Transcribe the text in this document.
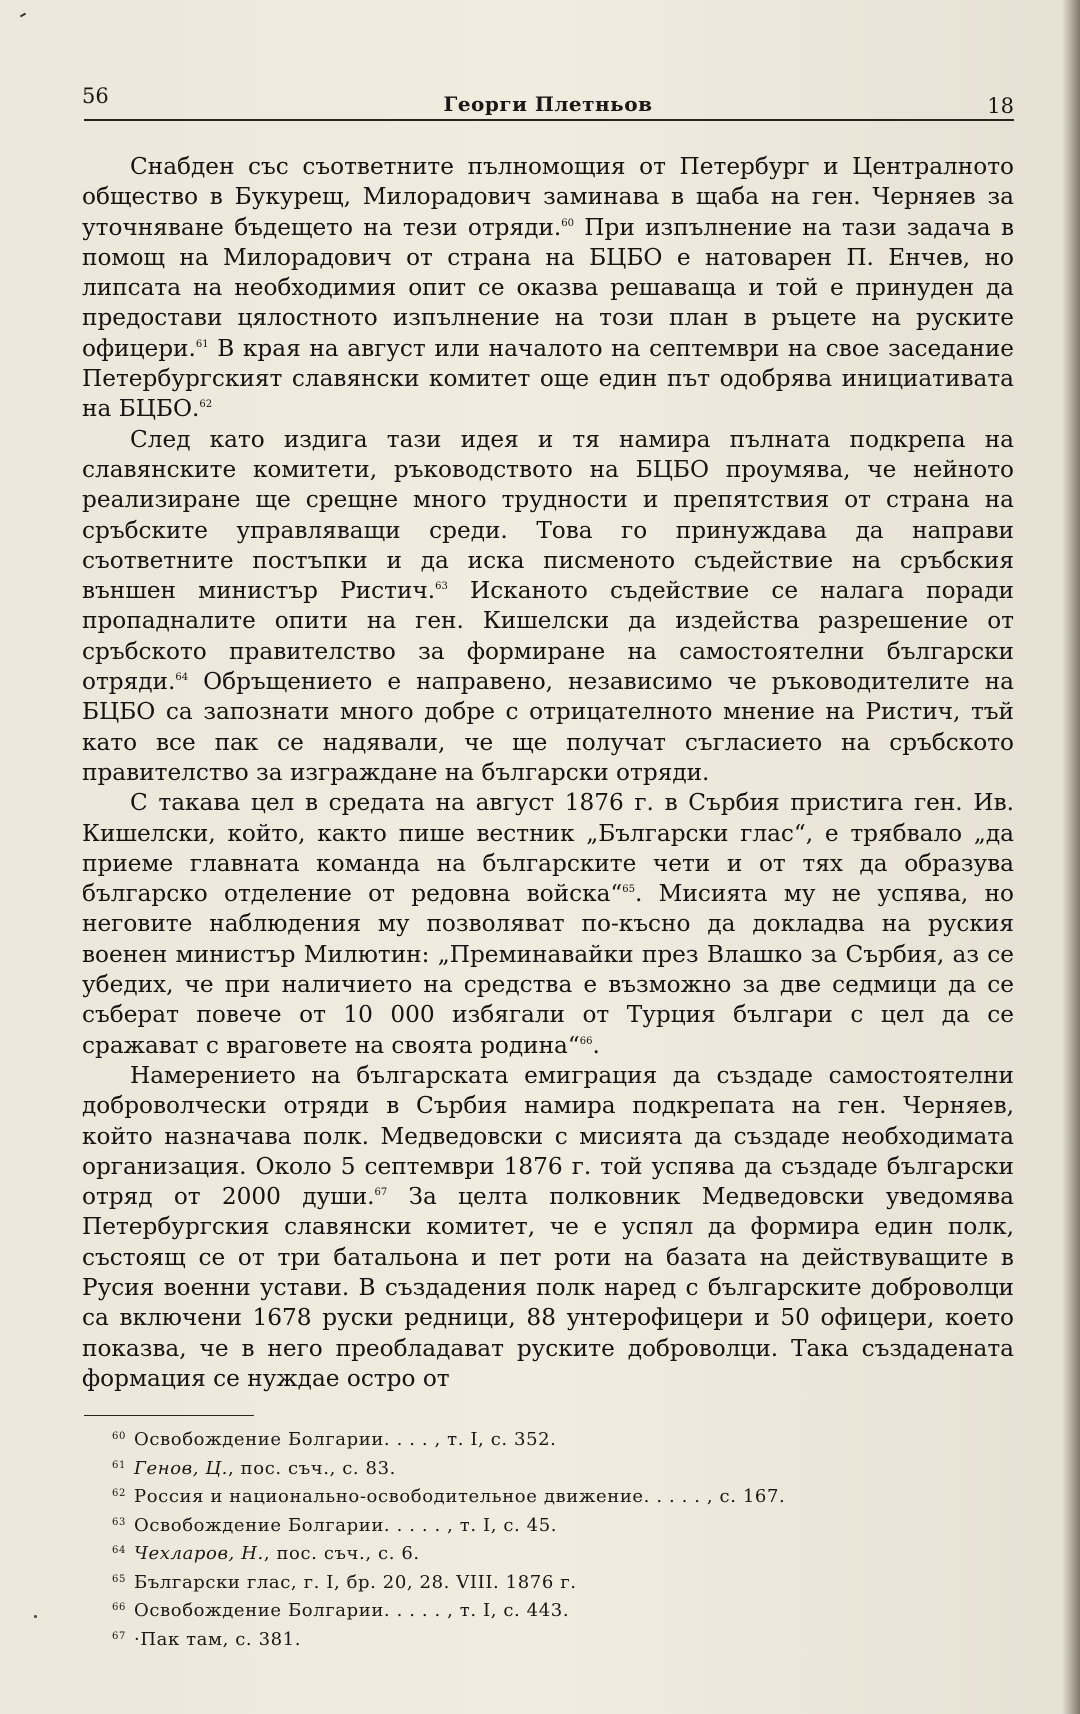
56	Георги Плетньов	18

Снабден със съответните пълномощия от Петербург и Централното общество в Букурещ, Милорадович заминава в щаба на ген. Черняев за уточняване бъдещето на тези отряди.$^{60}$ При изпълнение на тази задача в помощ на Милорадович от страна на БЦБО е натоварен П. Енчев, но липсата на необходимия опит се оказва решаваща и той е принуден да предостави цялостното изпълнение на този план в ръцете на руските офицери.$^{61}$ В края на август или началото на септември на свое заседание Петербургският славянски комитет още един път одобрява инициативата на БЦБО.$^{62}$

След като издига тази идея и тя намира пълната подкрепа на славянските комитети, ръководството на БЦБО проумява, че нейното реализиране ще срещне много трудности и препятствия от страна на сръбските управляващи среди. Това го принуждава да направи съответните постъпки и да иска писменото съдействие на сръбския външен министър Ристич.$^{63}$ Исканото съдействие се налага поради пропадналите опити на ген. Кишелски да издейства разрешение от сръбското правителство за формиране на самостоятелни български отряди.$^{64}$ Обръщението е направено, независимо че ръководителите на БЦБО са запознати много добре с отрицателното мнение на Ристич, тъй като все пак се надявали, че ще получат съгласието на сръбското правителство за изграждане на български отряди.

С такава цел в средата на август 1876 г. в Сърбия пристига ген. Ив. Кишелски, който, както пише вестник „Български глас“, е трябвало „да приеме главната команда на българските чети и от тях да образува българско отделение от редовна войска“$^{65}$. Мисията му не успява, но неговите наблюдения му позволяват по-късно да докладва на руския военен министър Милютин: „Преминавайки през Влашко за Сърбия, аз се убедих, че при наличието на средства е възможно за две седмици да се съберат повече от 10 000 избягали от Турция българи с цел да се сражават с враговете на своята родина“$^{66}$.

Намерението на българската емиграция да създаде самостоятелни доброволчески отряди в Сърбия намира подкрепата на ген. Черняев, който назначава полк. Медведовски с мисията да създаде необходимата организация. Около 5 септември 1876 г. той успява да създаде български отряд от 2000 души.$^{67}$ За целта полковник Медведовски уведомява Петербургския славянски комитет, че е успял да формира един полк, състоящ се от три батальона и пет роти на базата на действуващите в Русия военни устави. В създадения полк наред с българските доброволци са включени 1678 руски редници, 88 унтерофицери и 50 офицери, което показва, че в него преобладават руските доброволци. Така създадената формация се нуждае остро от

60 Освобождение Болгарии. . . . , т. I, с. 352.
61 Генов, Ц., пос. съч., с. 83.
62 Россия и национально-освободительное движение. . . . . , с. 167.
63 Освобождение Болгарии. . . . . , т. I, с. 45.
64 Чехларов, Н., пос. съч., с. 6.
65 Български глас, г. I, бр. 20, 28. VIII. 1876 г.
66 Освобождение Болгарии. . . . . , т. I, с. 443.
67 ·Пак там, с. 381.
